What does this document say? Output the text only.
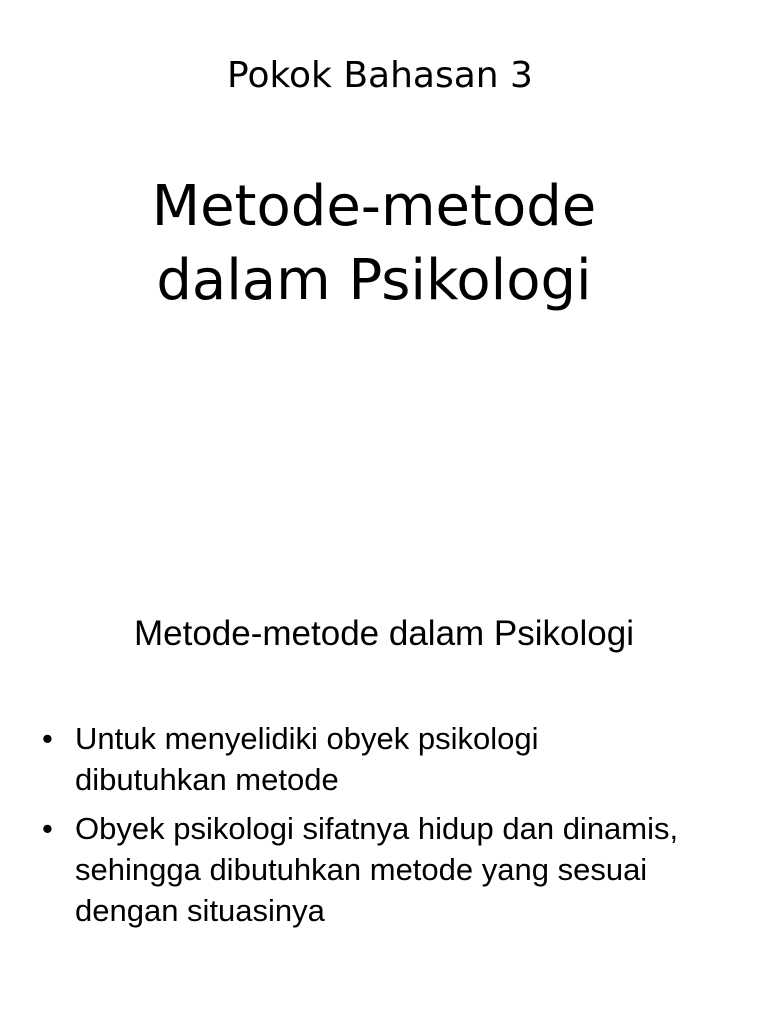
Pokok Bahasan 3
Metode-metode
dalam Psikologi
Metode-metode dalam Psikologi
• Untuk menyelidiki obyek psikologi dibutuhkan metode
• Obyek psikologi sifatnya hidup dan dinamis, sehingga dibutuhkan metode yang sesuai dengan situasinya
